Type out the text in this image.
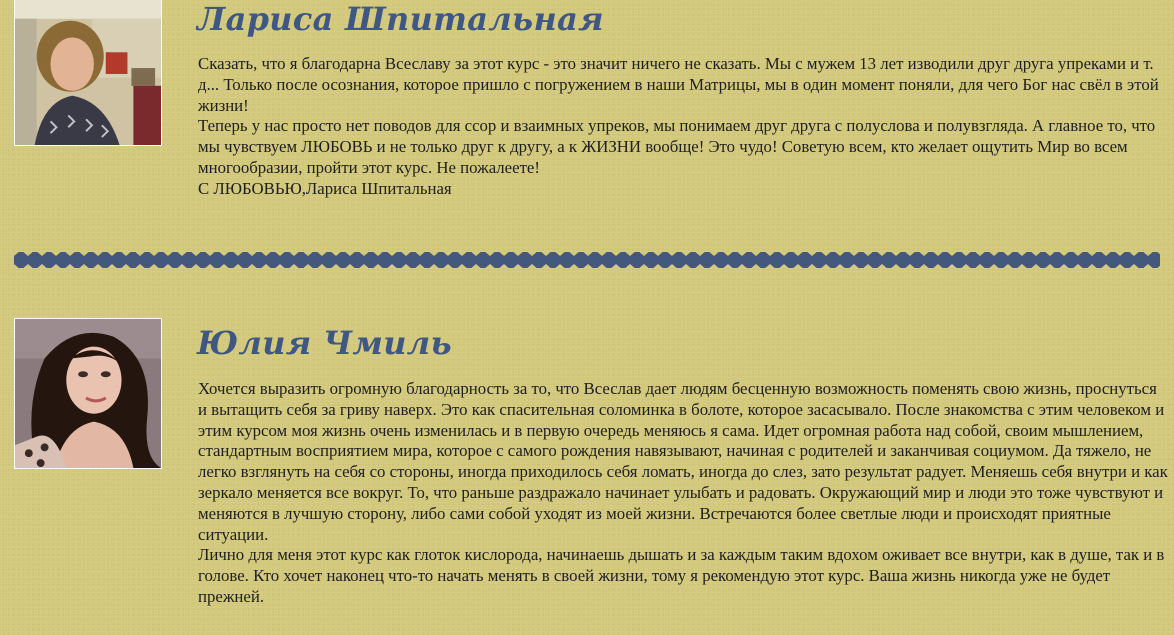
Лариса Шпитальная

Сказать, что я благодарна Всеславу за этот курс - это значит ничего не сказать. Мы с мужем 13 лет изводили друг друга упреками и т. д... Только после осознания, которое пришло с погружением в наши Матрицы, мы в один момент поняли, для чего Бог нас свёл в этой жизни!

Теперь у нас просто нет поводов для ссор и взаимных упреков, мы понимаем друг друга с полуслова и полувзгляда. А главное то, что мы чувствуем ЛЮБОВЬ и не только друг к другу, а к ЖИЗНИ вообще! Это чудо! Советую всем, кто желает ощутить Мир во всем многообразии, пройти этот курс. Не пожалеете!

С ЛЮБОВЬЮ,Лариса Шпитальная

Юлия Чмиль

Хочется выразить огромную благодарность за то, что Всеслав дает людям бесценную возможность поменять свою жизнь, проснуться и вытащить себя за гриву наверх. Это как спасительная соломинка в болоте, которое засасывало. После знакомства с этим человеком и этим курсом моя жизнь очень изменилась и в первую очередь меняюсь я сама. Идет огромная работа над собой, своим мышлением, стандартным восприятием мира, которое с самого рождения навязывают, начиная с родителей и заканчивая социумом. Да тяжело, не легко взглянуть на себя со стороны, иногда приходилось себя ломать, иногда до слез, зато результат радует. Меняешь себя внутри и как зеркало меняется все вокруг. То, что раньше раздражало начинает улыбать и радовать. Окружающий мир и люди это тоже чувствуют и меняются в лучшую сторону, либо сами собой уходят из моей жизни. Встречаются более светлые люди и происходят приятные ситуации.

Лично для меня этот курс как глоток кислорода, начинаешь дышать и за каждым таким вдохом оживает все внутри, как в душе, так и в голове. Кто хочет наконец что-то начать менять в своей жизни, тому я рекомендую этот курс. Ваша жизнь никогда уже не будет прежней.
